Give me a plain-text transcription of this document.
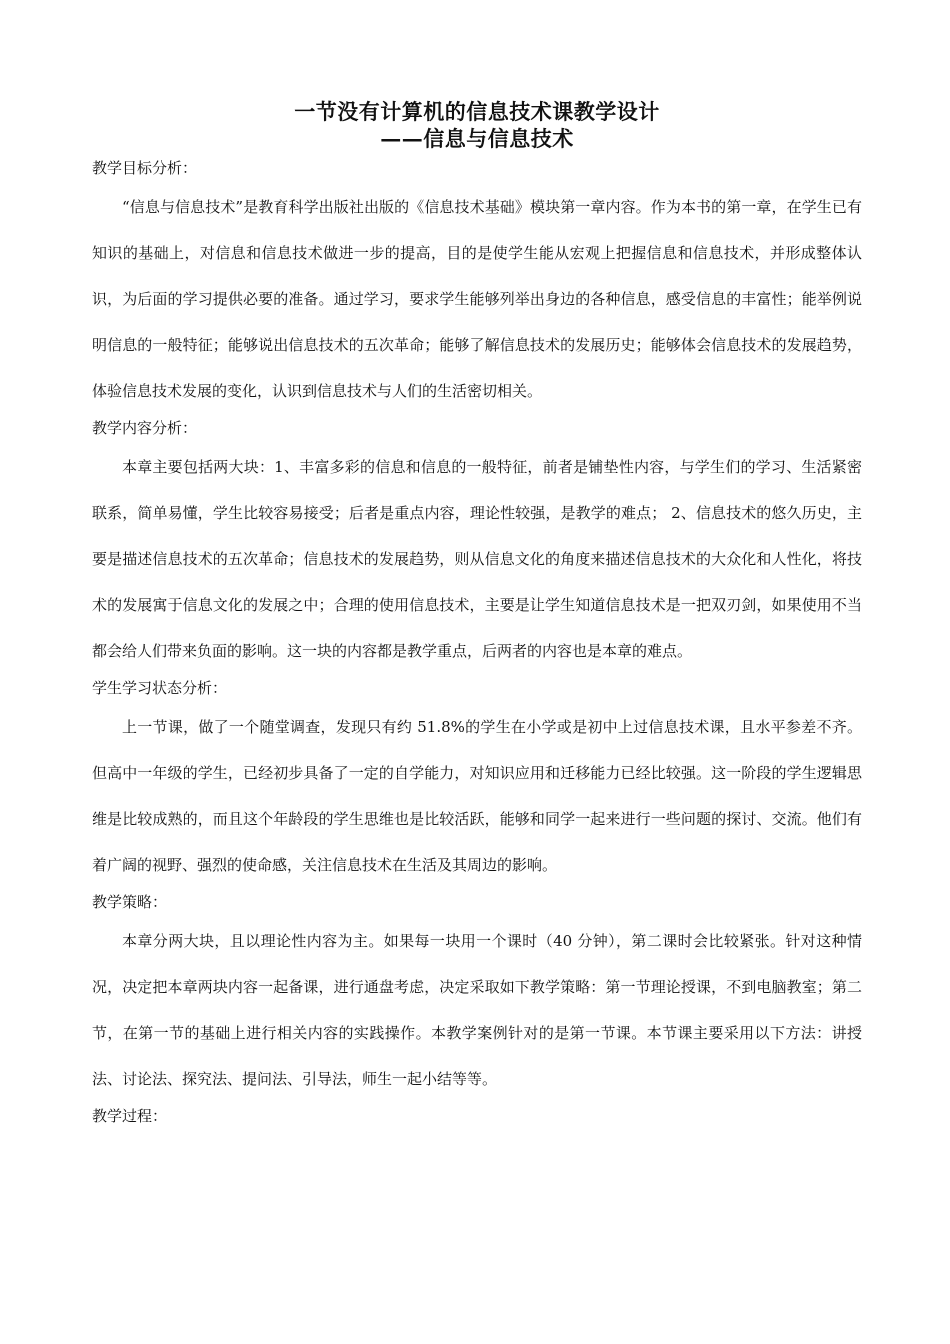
一节没有计算机的信息技术课教学设计
——信息与信息技术
教学目标分析：

“信息与信息技术”是教育科学出版社出版的《信息技术基础》模块第一章内容。作为本书的第一章，在学生已有知识的基础上，对信息和信息技术做进一步的提高，目的是使学生能从宏观上把握信息和信息技术，并形成整体认识，为后面的学习提供必要的准备。通过学习，要求学生能够列举出身边的各种信息，感受信息的丰富性；能举例说明信息的一般特征；能够说出信息技术的五次革命；能够了解信息技术的发展历史；能够体会信息技术的发展趋势，体验信息技术发展的变化，认识到信息技术与人们的生活密切相关。

教学内容分析：

本章主要包括两大块：1、丰富多彩的信息和信息的一般特征，前者是铺垫性内容，与学生们的学习、生活紧密联系，简单易懂，学生比较容易接受；后者是重点内容，理论性较强，是教学的难点； 2、信息技术的悠久历史，主要是描述信息技术的五次革命；信息技术的发展趋势，则从信息文化的角度来描述信息技术的大众化和人性化，将技术的发展寓于信息文化的发展之中；合理的使用信息技术，主要是让学生知道信息技术是一把双刃剑，如果使用不当都会给人们带来负面的影响。这一块的内容都是教学重点，后两者的内容也是本章的难点。

学生学习状态分析：

上一节课，做了一个随堂调查，发现只有约 51.8%的学生在小学或是初中上过信息技术课，且水平参差不齐。但高中一年级的学生，已经初步具备了一定的自学能力，对知识应用和迁移能力已经比较强。这一阶段的学生逻辑思维是比较成熟的，而且这个年龄段的学生思维也是比较活跃，能够和同学一起来进行一些问题的探讨、交流。他们有着广阔的视野、强烈的使命感，关注信息技术在生活及其周边的影响。

教学策略：

本章分两大块，且以理论性内容为主。如果每一块用一个课时（40 分钟），第二课时会比较紧张。针对这种情况，决定把本章两块内容一起备课，进行通盘考虑，决定采取如下教学策略：第一节理论授课，不到电脑教室；第二节，在第一节的基础上进行相关内容的实践操作。本教学案例针对的是第一节课。本节课主要采用以下方法：讲授法、讨论法、探究法、提问法、引导法，师生一起小结等等。

教学过程：
